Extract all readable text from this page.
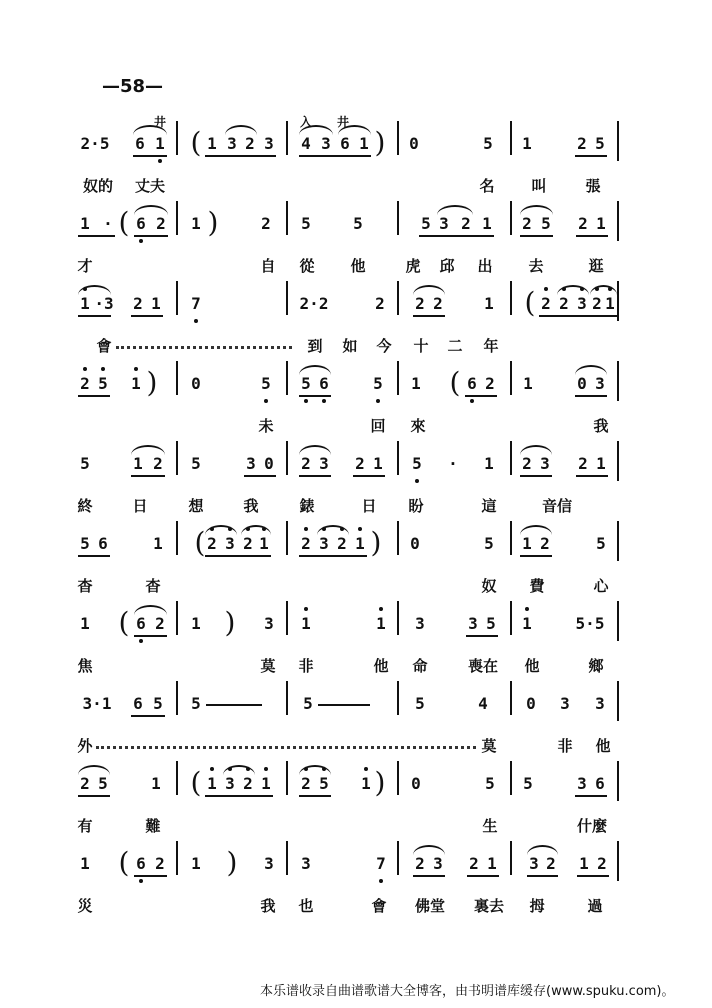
—58—
2·5 6 1	1 3 2 3 4 3 6 1	0	5 1	2 5
井	入 井
奴的 丈夫	名 叫	張
1 · 6 2 1	2 5	5	5 3 2 1 2 5 2 1
才	自 從 他	虎 邱 出 去	逛
1 ·3 2 1 7	2·2	2 2 2	1	2 2 3 2 1
會	到 如 今 十 二 年
2 5 1	0	5 5 6	5 1	6 2 1	0 3
未	回 來	我
5	1 2 5	3 0 2 3 2 1 5 · 1 2 3 2 1
終	日	想	我	錶	日 盼	這	音信
5 6	1	2 3 2 1 2 3 2 1	0	5 1 2	5
杳	杳	奴 費	心
1	6 2 1	3 1	1 3	3 5 1	5·5
焦	莫 非	他 命	喪在 他	鄉
3·1 6 5 5	5	5	4 0 3 3
外	莫	非 他
2 5	1	1 3 2 1 2 5 1	0	5 5	3 6
有	難	生	什麼
1	6 2 1	3 3	7 2 3 2 1 3 2 1 2
災	我 也	會 佛堂 裏去 拇	過
(	)
(	)
(
)	(
(	)
(	)
(	)
(	)
本乐谱收录自曲谱歌谱大全博客，由书明谱库缓存(www.spuku.com)。
